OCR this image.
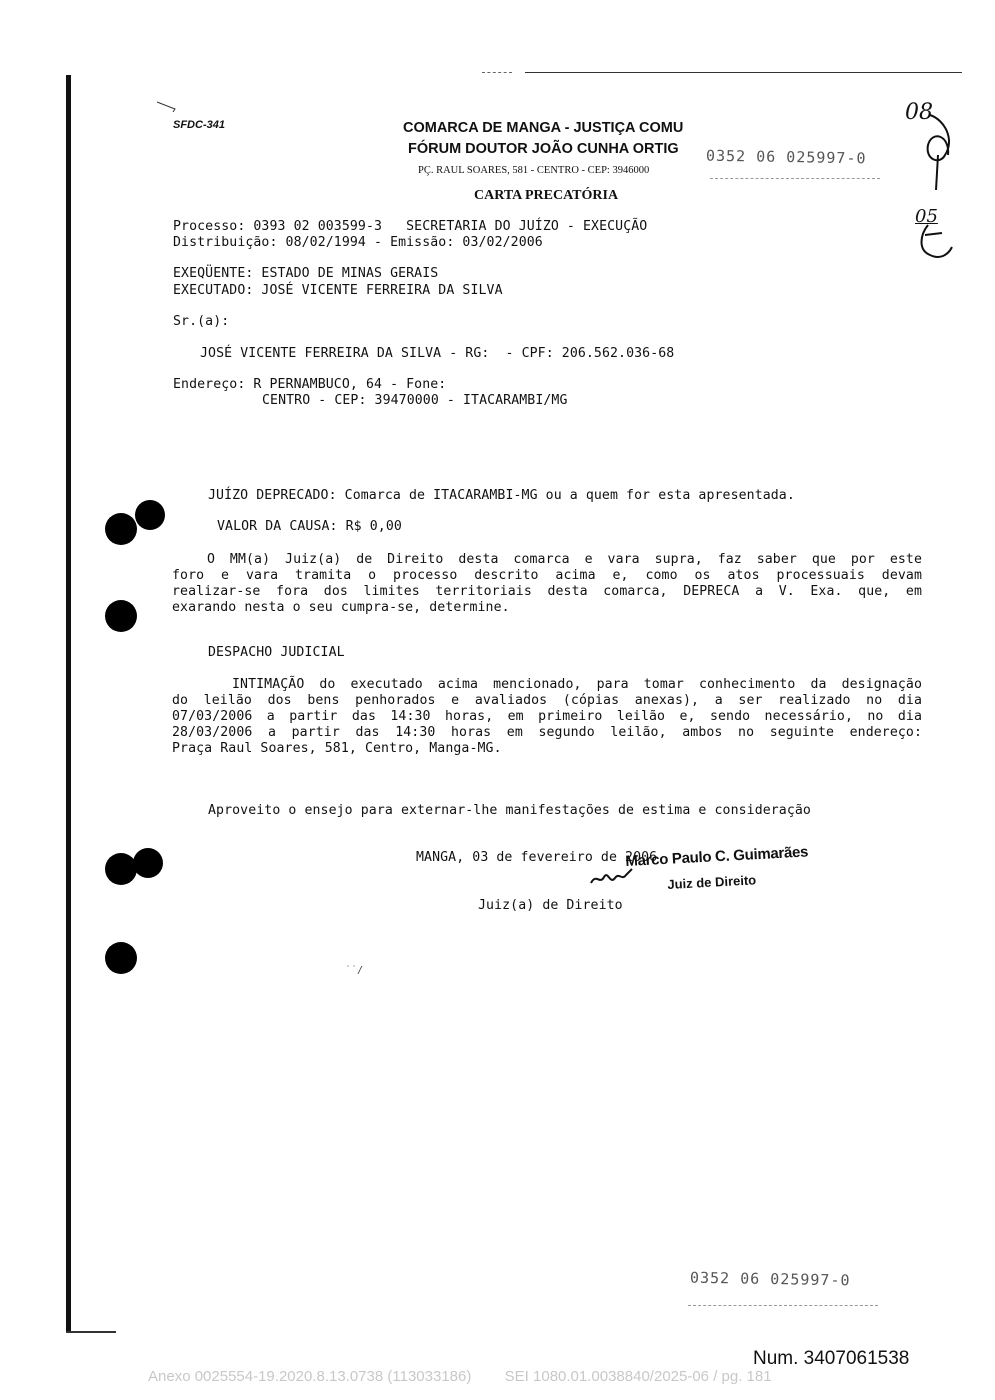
SFDC-341	COMARCA DE MANGA - JUSTIÇA COMU
FÓRUM DOUTOR JOÃO CUNHA ORTIG
PÇ. RAUL SOARES, 581 - CENTRO - CEP: 3946000
CARTA PRECATÓRIA
0352 06 025997-0
0352 06 025997-0
08
05
Processo: 0393 02 003599-3   SECRETARIA DO JUÍZO - EXECUÇÃO
Distribuição: 08/02/1994 - Emissão: 03/02/2006
EXEQÜENTE: ESTADO DE MINAS GERAIS
EXECUTADO: JOSÉ VICENTE FERREIRA DA SILVA
Sr.(a):
JOSÉ VICENTE FERREIRA DA SILVA - RG:  - CPF: 206.562.036-68
Endereço: R PERNAMBUCO, 64 - Fone:
CENTRO - CEP: 39470000 - ITACARAMBI/MG
JUÍZO DEPRECADO: Comarca de ITACARAMBI-MG ou a quem for esta apresentada.
VALOR DA CAUSA: R$ 0,00
O MM(a) Juiz(a) de Direito desta comarca e vara supra, faz saber que por este
foro e vara tramita o processo descrito acima e, como os atos processuais devam
realizar-se fora dos limites territoriais desta comarca, DEPRECA a V. Exa. que, em
exarando nesta o seu cumpra-se, determine.
DESPACHO JUDICIAL
INTIMAÇÃO do executado acima mencionado, para tomar conhecimento da designação
do leilão dos bens penhorados e avaliados (cópias anexas), a ser realizado no dia
07/03/2006 a partir das 14:30 horas, em primeiro leilão e, sendo necessário, no dia
28/03/2006 a partir das 14:30 horas em segundo leilão, ambos no seguinte endereço:
Praça Raul Soares, 581, Centro, Manga-MG.
Aproveito o ensejo para externar-lhe manifestações de estima e consideração
MANGA, 03 de fevereiro de 2006
Marco Paulo C. Guimarães
Juiz de Direito
Juiz(a) de Direito
˙˙/
Num. 3407061538
Anexo 0025554-19.2020.8.13.0738 (113033186)        SEI 1080.01.0038840/2025-06 / pg. 181
